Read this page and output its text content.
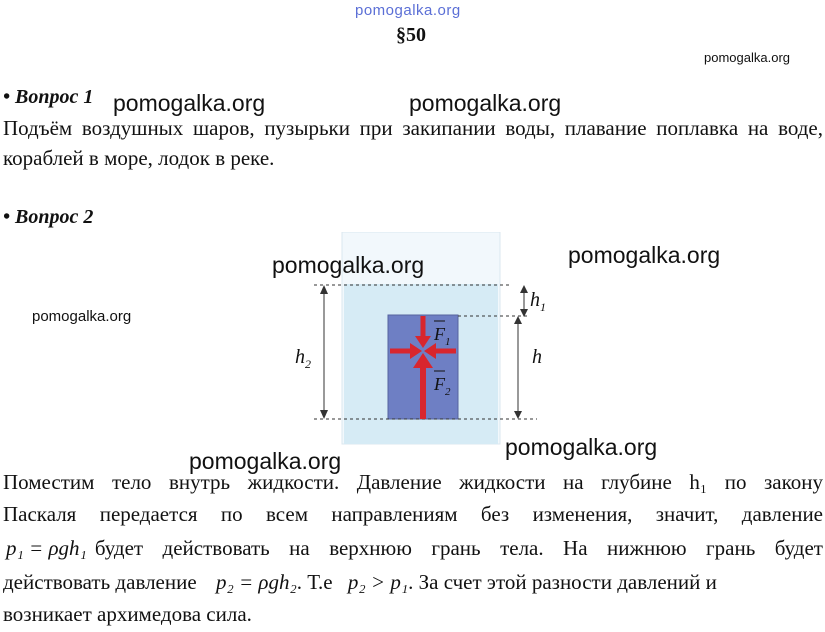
pomogalka.org
§50
pomogalka.org
• Вопрос 1 pomogalka.org	pomogalka.org
Подъём воздушных шаров, пузырьки при закипании воды, плавание поплавка на воде, кораблей в море, лодок в реке.
• Вопрос 2
$h_2$
$h_1$
h
$F_1$
$F_2$
pomogalka.org	pomogalka.org
pomogalka.org
pomogalka.org
pomogalka.org
Поместим тело внутрь жидкости. Давление жидкости на глубине h₁ по закону
Паскаля передается по всем направлениям без изменения, значит, давление
p₁ = ρgh₁ будет действовать на верхнюю грань тела. На нижнюю грань будет
действовать давление p₂ = ρgh₂. Т.е p₂ > p₁. За счет этой разности давлений и
возникает архимедова сила.
